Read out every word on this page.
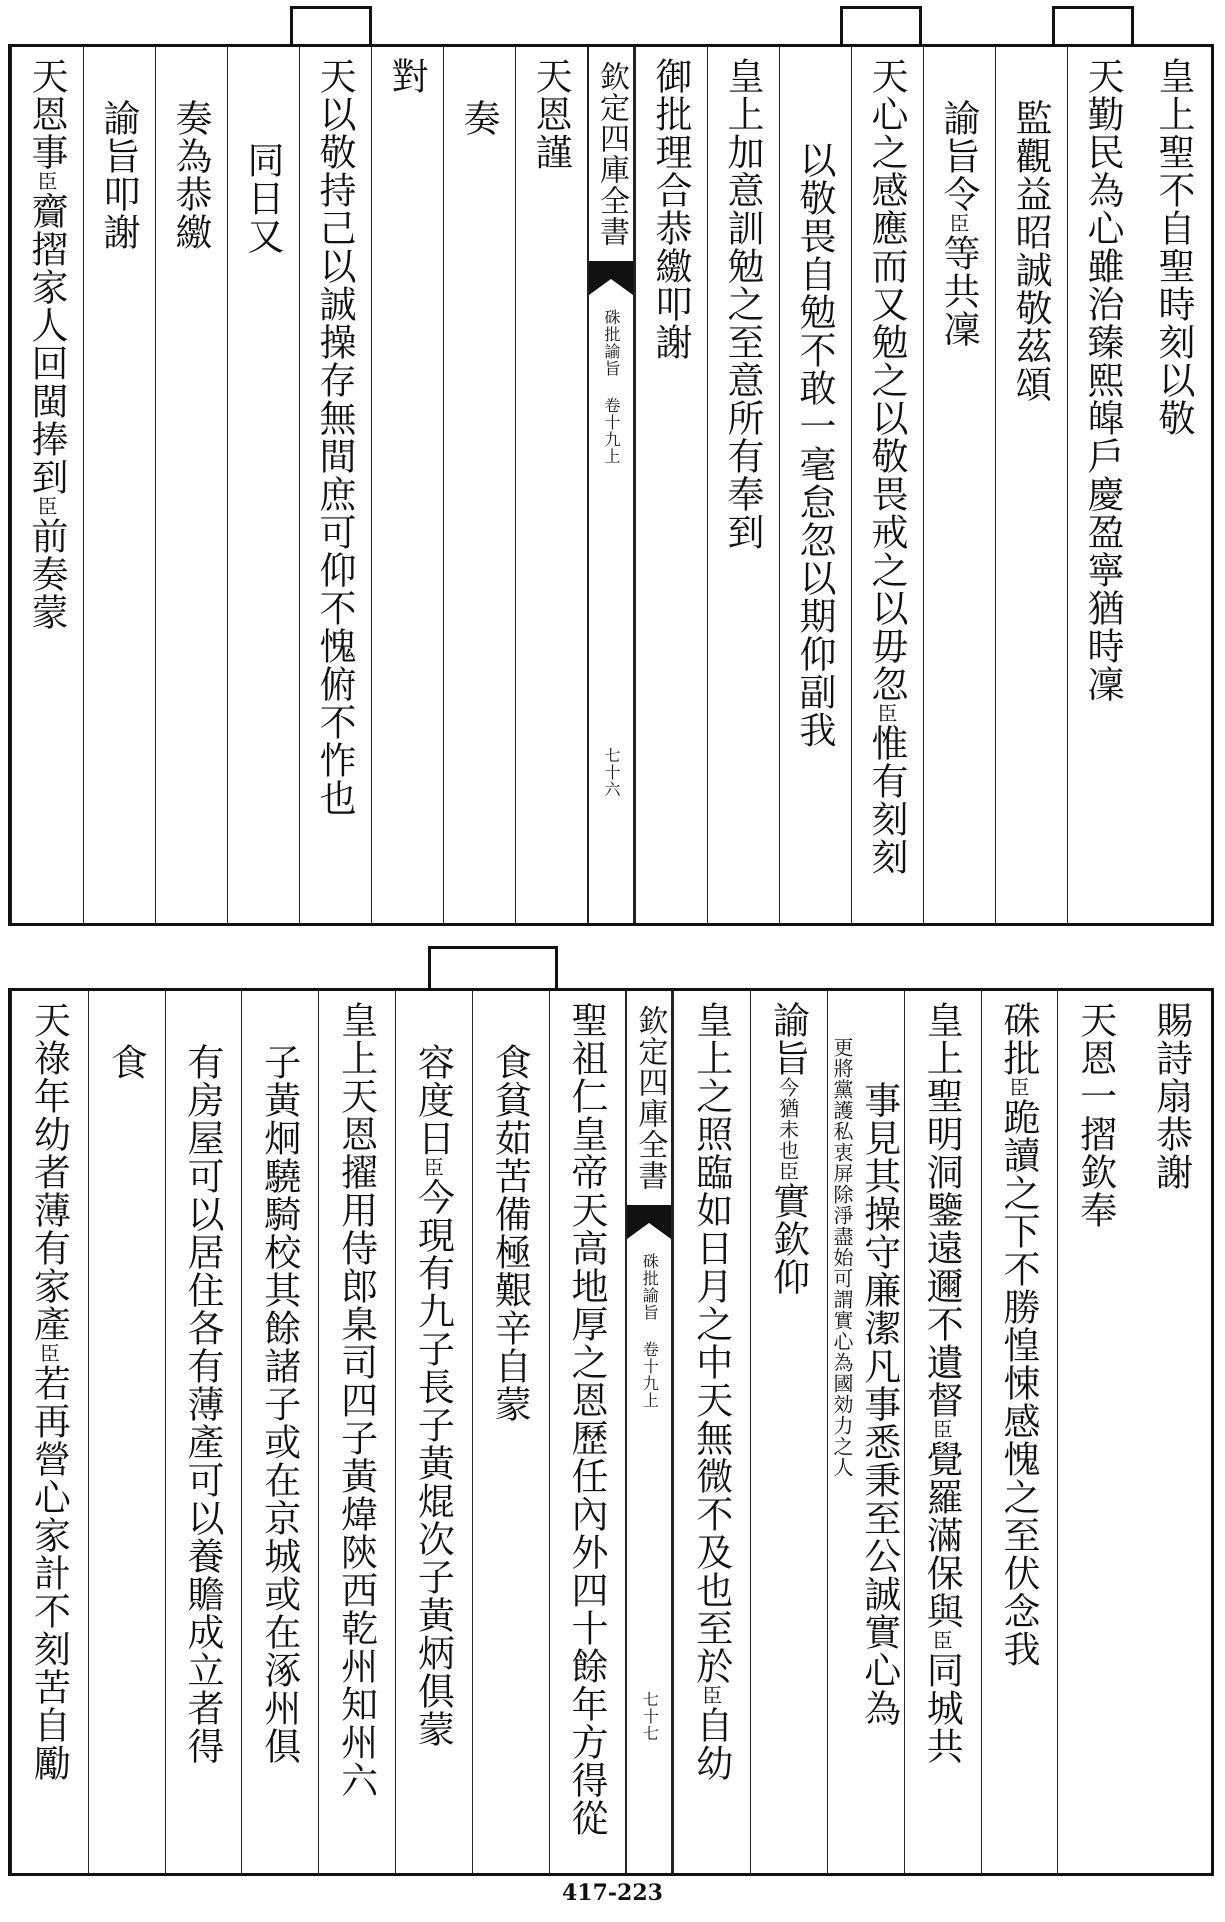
皇上聖不自聖時刻以敬
天勤民為心雖治臻熙皡戶慶盈寧猶時凜
監觀益昭誠敬茲頌
諭旨令臣等共凜
天心之感應而又勉之以敬畏戒之以毋忽臣惟有刻刻
以敬畏自勉不敢一毫怠忽以期仰副我
皇上加意訓勉之至意所有奉到
御批理合恭繳叩謝
欽定四庫全書
硃批諭旨
卷十九上
七十六
天恩謹
奏
對
天以敬持己以誠操存無間庶可仰不愧俯不怍也
同日又
奏為恭繳
諭旨叩謝
天恩事臣齎摺家人回閩捧到臣前奏蒙
賜詩扇恭謝
天恩一摺欽奉
硃批臣跪讀之下不勝惶悚感愧之至伏念我
皇上聖明洞鑒遠邇不遺督臣覺羅滿保與臣同城共
事見其操守廉潔凡事悉秉至公誠實心為
更將黨護私衷屏除淨盡始可謂實心為國効力之人
諭旨今猶未也臣實欽仰
皇上之照臨如日月之中天無微不及也至於臣自幼
欽定四庫全書
硃批諭旨
卷十九上
七十七
聖祖仁皇帝天高地厚之恩歷任內外四十餘年方得從
食貧茹苦備極艱辛自蒙
容度日臣今現有九子長子黃焜次子黃炳俱蒙
皇上天恩擢用侍郎臬司四子黃煒陝西乾州知州六
子黃炯驍騎校其餘諸子或在京城或在涿州俱
有房屋可以居住各有薄產可以養贍成立者得
食
天祿年幼者薄有家產臣若再營心家計不刻苦自勵
417-223
